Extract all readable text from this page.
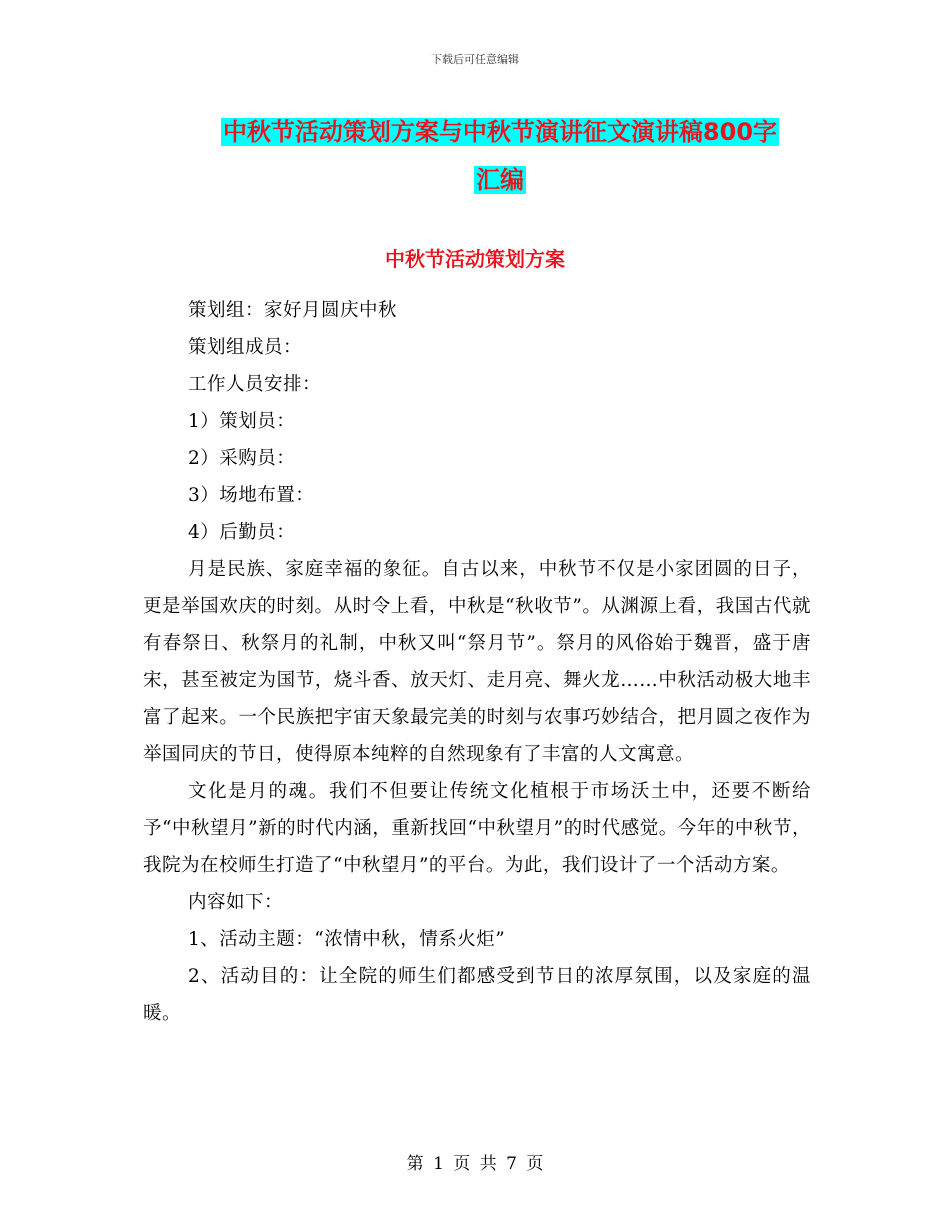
下载后可任意编辑
中秋节活动策划方案与中秋节演讲征文演讲稿800字
汇编
中秋节活动策划方案

策划组：家好月圆庆中秋

策划组成员：

工作人员安排：

1）策划员：

2）采购员：

3）场地布置：

4）后勤员：

月是民族、家庭幸福的象征。自古以来，中秋节不仅是小家团圆的日子，更是举国欢庆的时刻。从时令上看，中秋是“秋收节”。从渊源上看，我国古代就有春祭日、秋祭月的礼制，中秋又叫“祭月节”。祭月的风俗始于魏晋，盛于唐宋，甚至被定为国节，烧斗香、放天灯、走月亮、舞火龙……中秋活动极大地丰富了起来。一个民族把宇宙天象最完美的时刻与农事巧妙结合，把月圆之夜作为举国同庆的节日，使得原本纯粹的自然现象有了丰富的人文寓意。

文化是月的魂。我们不但要让传统文化植根于市场沃土中，还要不断给予“中秋望月”新的时代内涵，重新找回“中秋望月”的时代感觉。今年的中秋节，我院为在校师生打造了“中秋望月”的平台。为此，我们设计了一个活动方案。

内容如下：

1、活动主题：“浓情中秋，情系火炬”

2、活动目的：让全院的师生们都感受到节日的浓厚氛围，以及家庭的温暖。

第 1 页 共 7 页
